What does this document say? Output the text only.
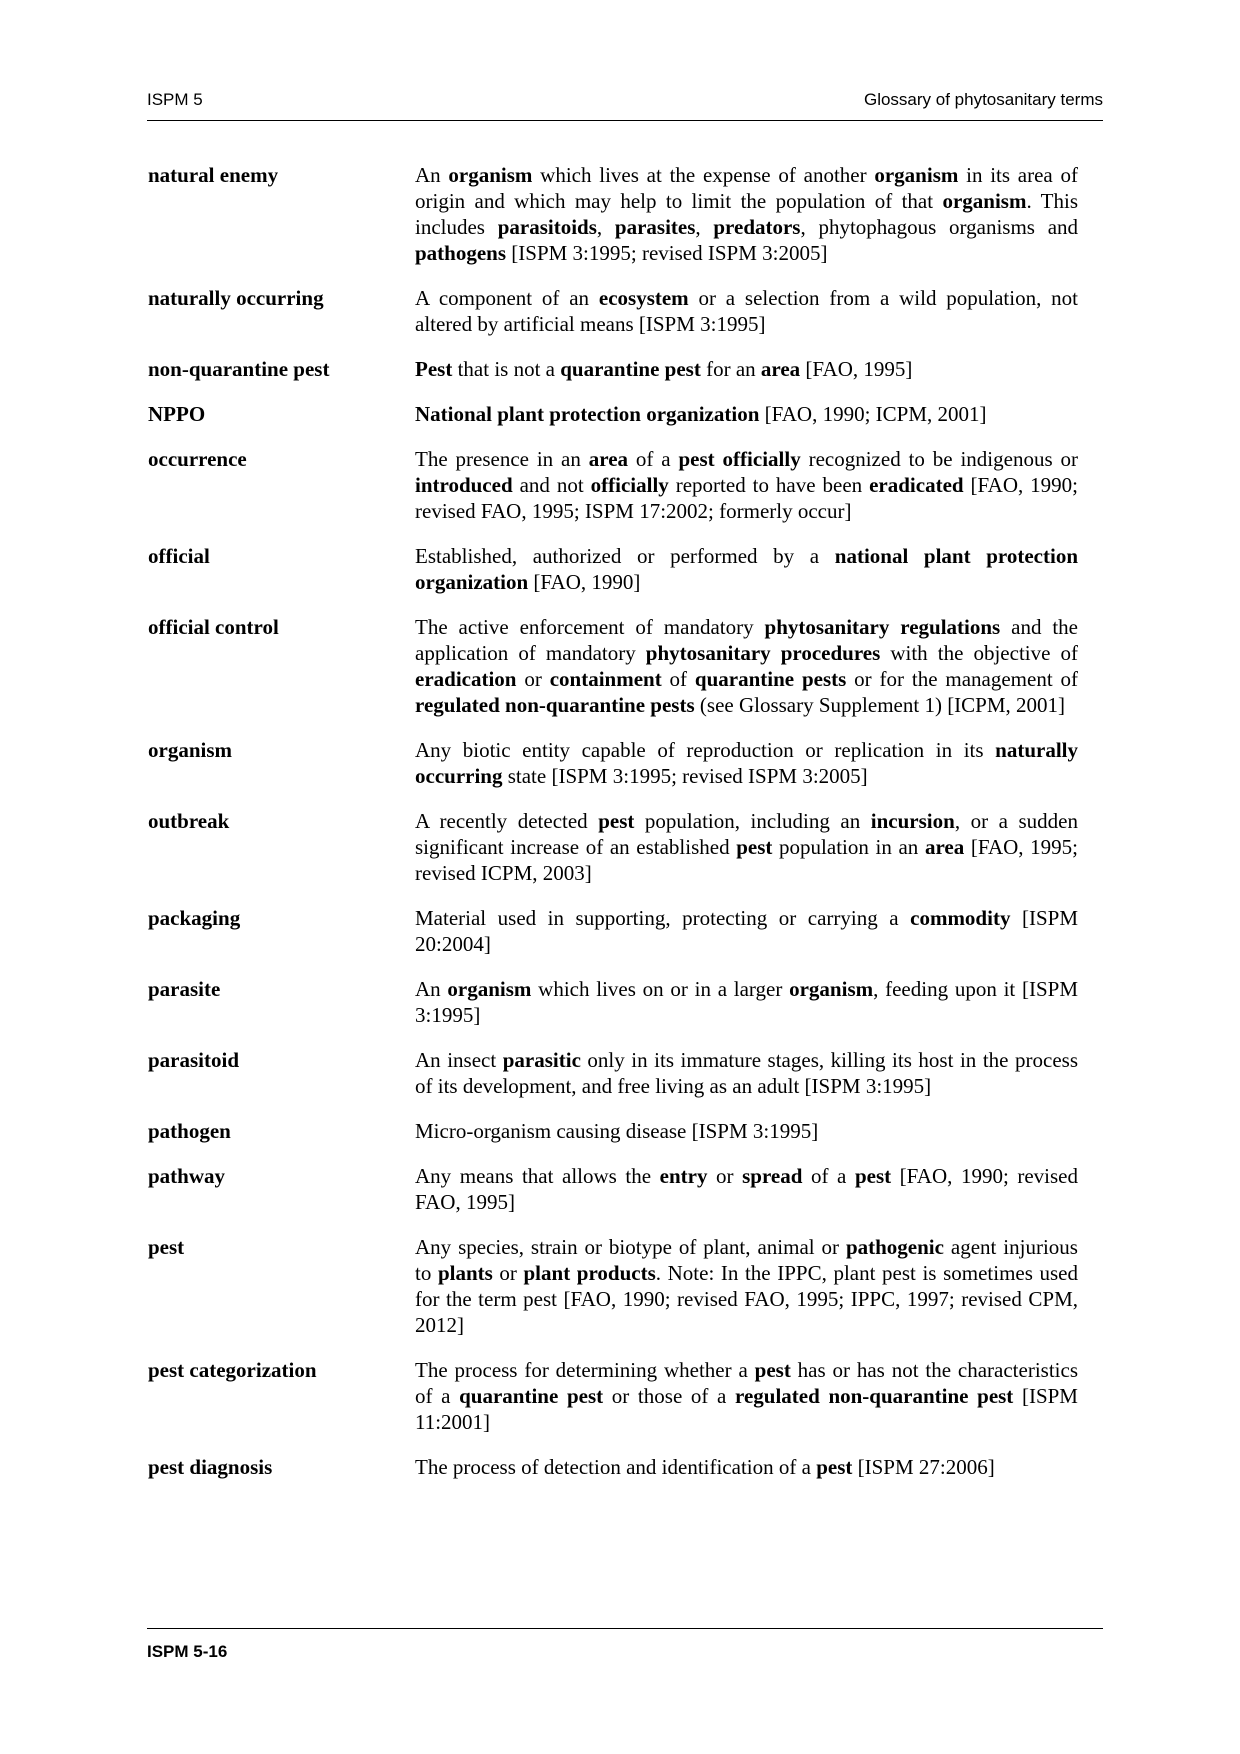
ISPM 5	Glossary of phytosanitary terms
natural enemy	An organism which lives at the expense of another organism in its area of origin and which may help to limit the population of that organism. This includes parasitoids, parasites, predators, phytophagous organisms and pathogens [ISPM 3:1995; revised ISPM 3:2005]
naturally occurring	A component of an ecosystem or a selection from a wild population, not altered by artificial means [ISPM 3:1995]
non-quarantine pest	Pest that is not a quarantine pest for an area [FAO, 1995]
NPPO	National plant protection organization [FAO, 1990; ICPM, 2001]
occurrence	The presence in an area of a pest officially recognized to be indigenous or introduced and not officially reported to have been eradicated [FAO, 1990; revised FAO, 1995; ISPM 17:2002; formerly occur]
official	Established, authorized or performed by a national plant protection organization [FAO, 1990]
official control	The active enforcement of mandatory phytosanitary regulations and the application of mandatory phytosanitary procedures with the objective of eradication or containment of quarantine pests or for the management of regulated non-quarantine pests (see Glossary Supplement 1) [ICPM, 2001]
organism	Any biotic entity capable of reproduction or replication in its naturally occurring state [ISPM 3:1995; revised ISPM 3:2005]
outbreak	A recently detected pest population, including an incursion, or a sudden significant increase of an established pest population in an area [FAO, 1995; revised ICPM, 2003]
packaging	Material used in supporting, protecting or carrying a commodity [ISPM 20:2004]
parasite	An organism which lives on or in a larger organism, feeding upon it [ISPM 3:1995]
parasitoid	An insect parasitic only in its immature stages, killing its host in the process of its development, and free living as an adult [ISPM 3:1995]
pathogen	Micro-organism causing disease [ISPM 3:1995]
pathway	Any means that allows the entry or spread of a pest [FAO, 1990; revised FAO, 1995]
pest	Any species, strain or biotype of plant, animal or pathogenic agent injurious to plants or plant products. Note: In the IPPC, plant pest is sometimes used for the term pest [FAO, 1990; revised FAO, 1995; IPPC, 1997; revised CPM, 2012]
pest categorization	The process for determining whether a pest has or has not the characteristics of a quarantine pest or those of a regulated non-quarantine pest [ISPM 11:2001]
pest diagnosis	The process of detection and identification of a pest [ISPM 27:2006]
ISPM 5-16
